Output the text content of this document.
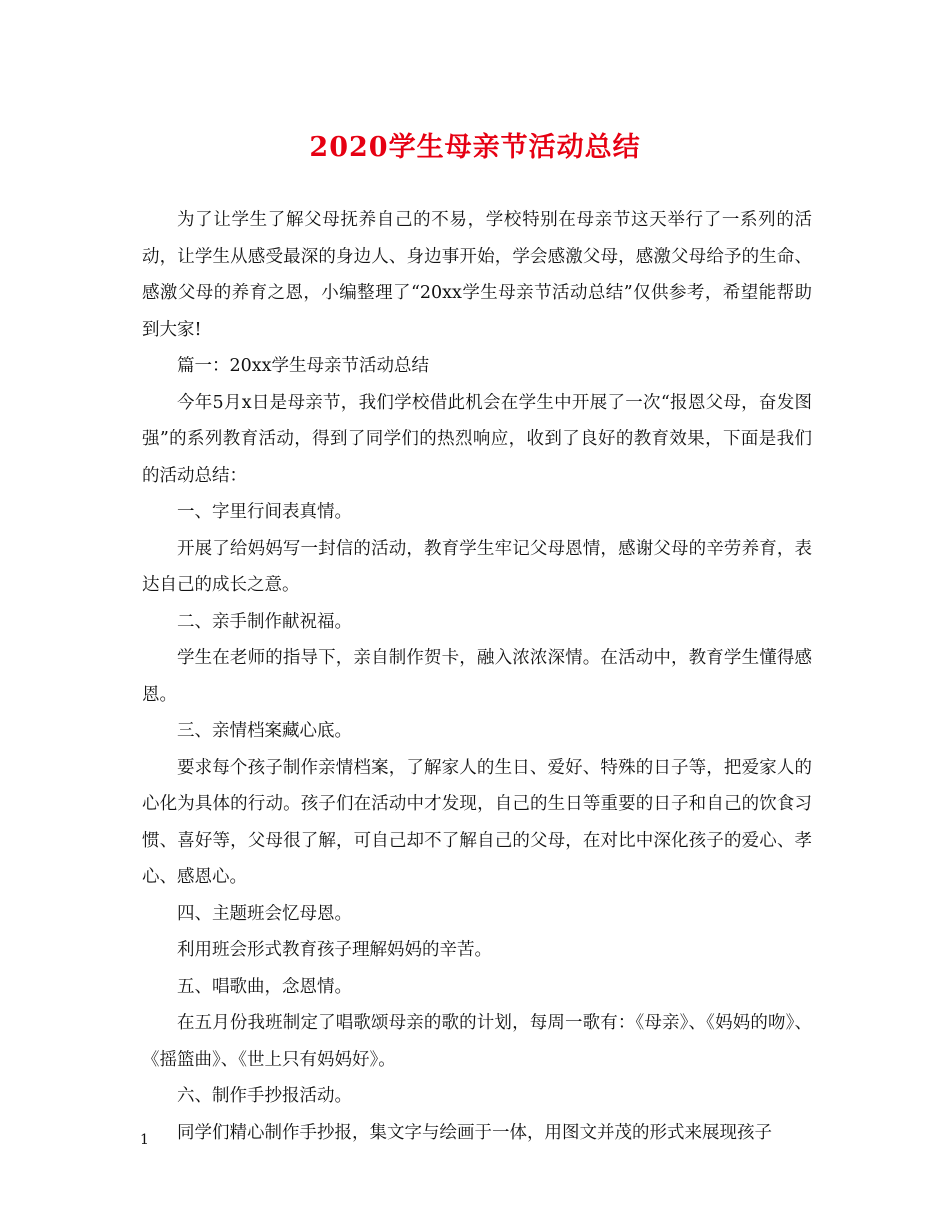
2020学生母亲节活动总结

为了让学生了解父母抚养自己的不易，学校特别在母亲节这天举行了一系列的活动，让学生从感受最深的身边人、身边事开始，学会感激父母，感激父母给予的生命、感激父母的养育之恩，小编整理了“20xx学生母亲节活动总结”仅供参考，希望能帮助到大家!

篇一：20xx学生母亲节活动总结

今年5月x日是母亲节，我们学校借此机会在学生中开展了一次“报恩父母，奋发图强”的系列教育活动，得到了同学们的热烈响应，收到了良好的教育效果，下面是我们的活动总结：

一、字里行间表真情。

开展了给妈妈写一封信的活动，教育学生牢记父母恩情，感谢父母的辛劳养育，表达自己的成长之意。

二、亲手制作献祝福。

学生在老师的指导下，亲自制作贺卡，融入浓浓深情。在活动中，教育学生懂得感恩。

三、亲情档案藏心底。

要求每个孩子制作亲情档案，了解家人的生日、爱好、特殊的日子等，把爱家人的心化为具体的行动。孩子们在活动中才发现，自己的生日等重要的日子和自己的饮食习惯、喜好等，父母很了解，可自己却不了解自己的父母，在对比中深化孩子的爱心、孝心、感恩心。

四、主题班会忆母恩。

利用班会形式教育孩子理解妈妈的辛苦。

五、唱歌曲，念恩情。

在五月份我班制定了唱歌颂母亲的歌的计划，每周一歌有：《母亲》、《妈妈的吻》、《摇篮曲》、《世上只有妈妈好》。

六、制作手抄报活动。

同学们精心制作手抄报，集文字与绘画于一体，用图文并茂的形式来展现孩子

1
